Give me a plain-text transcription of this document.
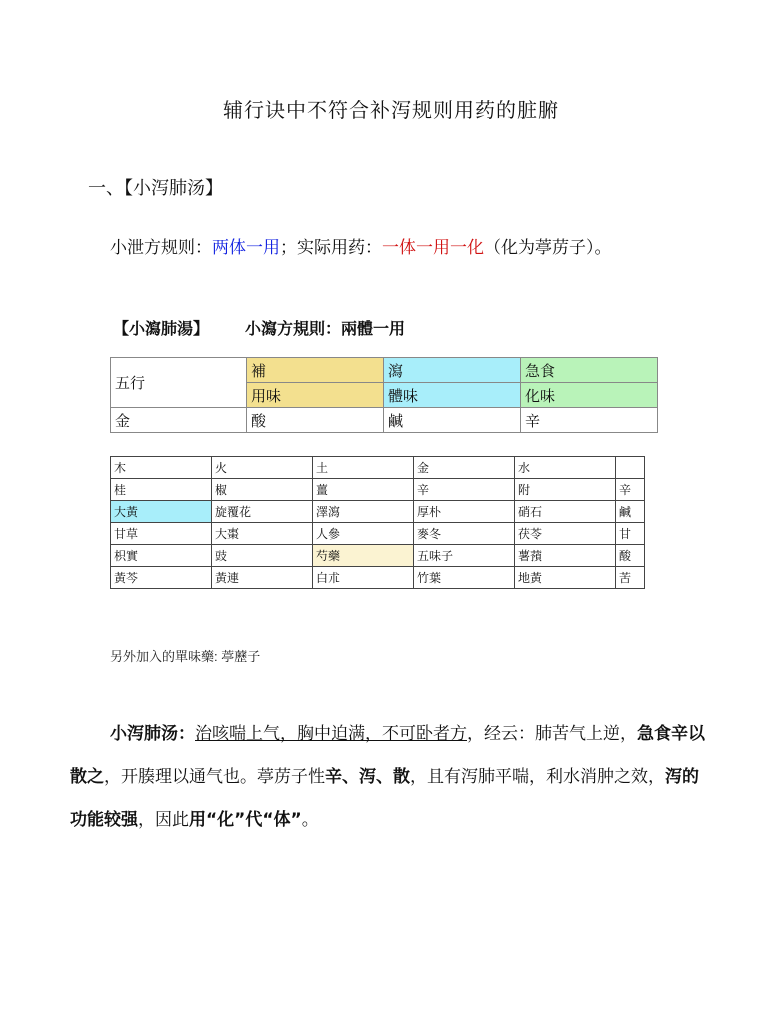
辅行诀中不符合补泻规则用药的脏腑
一、【小泻肺汤】
小泄方规则：两体一用；实际用药：一体一用一化（化为葶苈子）。
【小瀉肺湯】 小瀉方規則：兩體一用
五行	補	瀉	急食
	用味	體味	化味
金	酸	鹹	辛
木	火	土	金	水	
桂	椒	薑	辛	附	辛
大黃	旋覆花	澤瀉	厚朴	硝石	鹹
甘草	大棗	人參	麥冬	茯苓	甘
枳實	豉	芍藥	五味子	薯蕷	酸
黃芩	黃連	白朮	竹葉	地黃	苦
另外加入的單味藥: 葶藶子
小泻肺汤：治咳喘上气，胸中迫满，不可卧者方，经云：肺苦气上逆，急食辛以散之，开腠理以通气也。葶苈子性辛、泻、散，且有泻肺平喘，利水消肿之效，泻的功能较强，因此用“化”代“体”。
